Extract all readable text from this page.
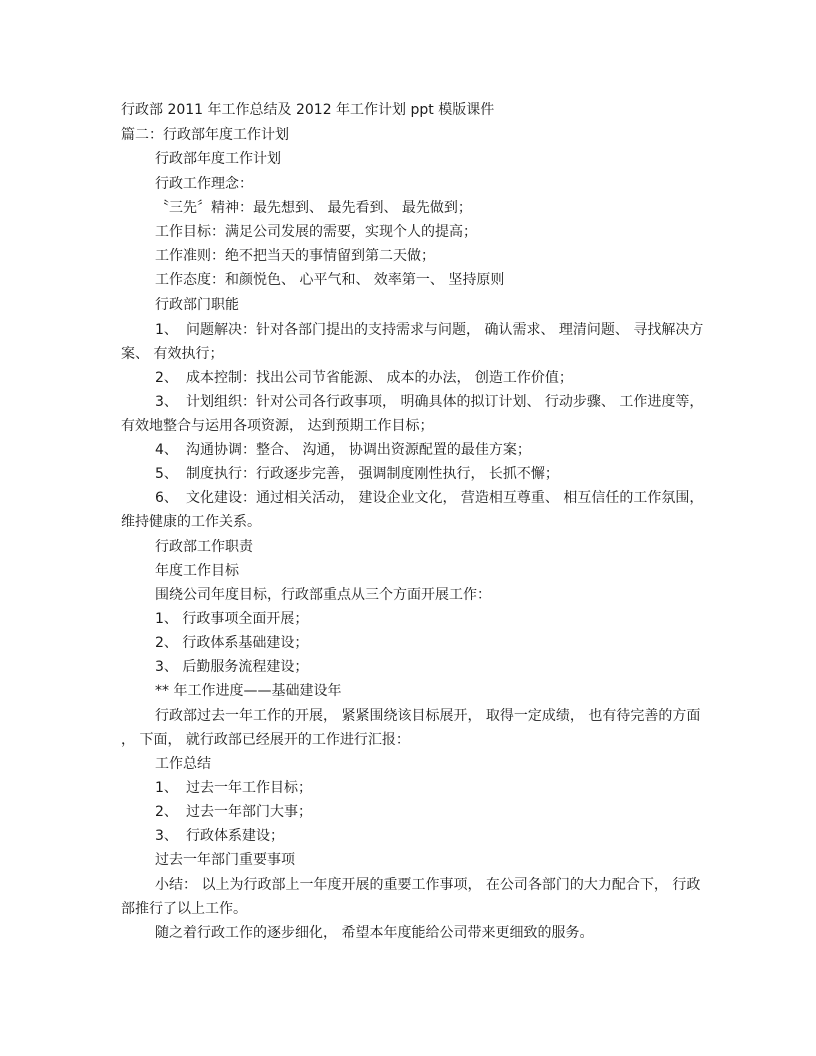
行政部 2011 年工作总结及 2012 年工作计划 ppt 模版课件
篇二：行政部年度工作计划
行政部年度工作计划
行政工作理念：
〝三先〞精神：最先想到、 最先看到、 最先做到；
工作目标：满足公司发展的需要，实现个人的提高；
工作准则：绝不把当天的事情留到第二天做；
工作态度：和颜悦色、 心平气和、 效率第一、 坚持原则
行政部门职能
1、 问题解决：针对各部门提出的支持需求与问题， 确认需求、 理清问题、 寻找解决方
案、 有效执行；
2、 成本控制：找出公司节省能源、 成本的办法， 创造工作价值；
3、 计划组织：针对公司各行政事项， 明确具体的拟订计划、 行动步骤、 工作进度等，
有效地整合与运用各项资源， 达到预期工作目标；
4、 沟通协调：整合、 沟通， 协调出资源配置的最佳方案；
5、 制度执行：行政逐步完善， 强调制度刚性执行， 长抓不懈；
6、 文化建设：通过相关活动， 建设企业文化， 营造相互尊重、 相互信任的工作氛围，
维持健康的工作关系。
行政部工作职责
年度工作目标
围绕公司年度目标，行政部重点从三个方面开展工作：
1、 行政事项全面开展；
2、 行政体系基础建设；
3、 后勤服务流程建设；
** 年工作进度——基础建设年
行政部过去一年工作的开展， 紧紧围绕该目标展开， 取得一定成绩， 也有待完善的方面
， 下面， 就行政部已经展开的工作进行汇报：
工作总结
1、 过去一年工作目标；
2、 过去一年部门大事；
3、 行政体系建设；
过去一年部门重要事项
小结： 以上为行政部上一年度开展的重要工作事项， 在公司各部门的大力配合下， 行政
部推行了以上工作。
随之着行政工作的逐步细化， 希望本年度能给公司带来更细致的服务。
